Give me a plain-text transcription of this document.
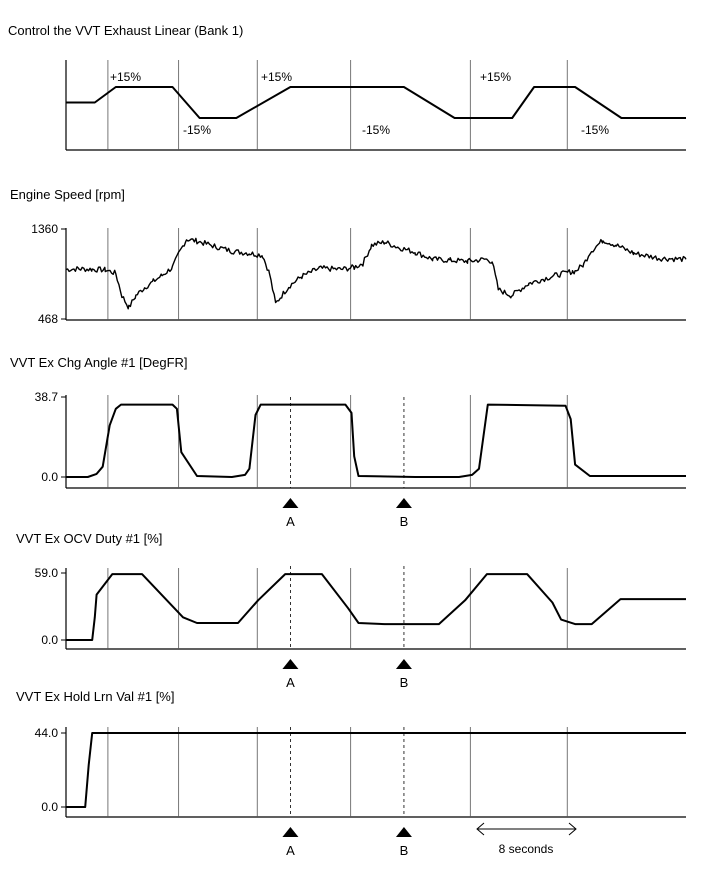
Control the VVT Exhaust Linear (Bank 1)
+15%	+15%	+15%
-15%	-15%	-15%
Engine Speed [rpm]
1360
468
VVT Ex Chg Angle #1 [DegFR]
38.7
0.0
A	B
VVT Ex OCV Duty #1 [%]
59.0
0.0
A	B
VVT Ex Hold Lrn Val #1 [%]
44.0
0.0
A	B	8 seconds
